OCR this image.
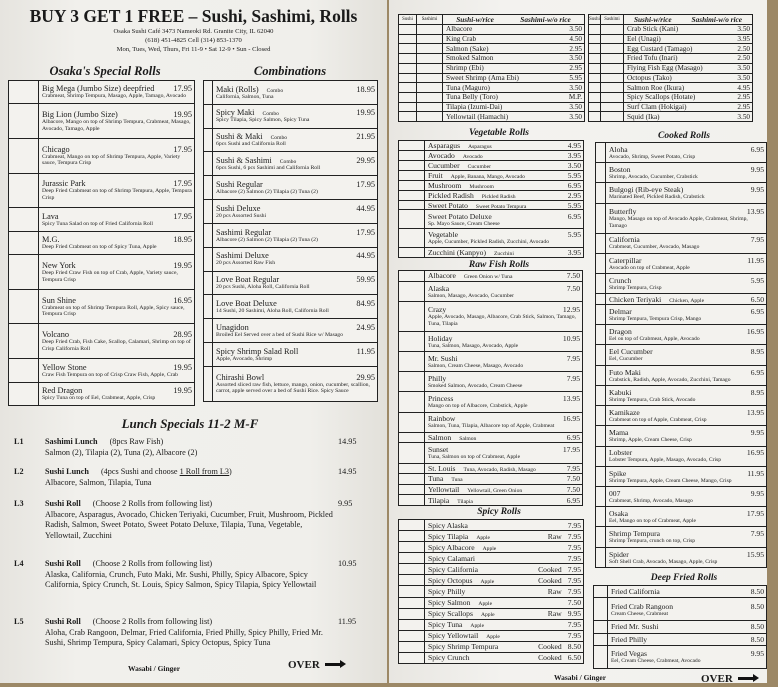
BUY 3 GET 1 FREE – Sushi, Sashimi, Rolls
Osaka Sushi Café 3473 Nameoki Rd. Granite City, IL 62040
(618) 451-4825 Cell (314) 853-1370
Mon, Tues, Wed, Thurs, Fri 11-9 • Sat 12-9 • Sun - Closed
Osaka's Special Rolls
Big Mega (Jumbo Size) deepfried 17.95
Crabmeat, Shrimp Tempura, Masago, Apple, Tamago, Avocado
Big Lion (Jumbo Size)	19.95
Albacore, Mango on top of Shrimp Tempura, Crabmeat, Masago, Avocado, Tamago, Apple
Chicago	17.95
Crabmeat, Mango on top of Shrimp Tempura, Apple, Variety sauce, Tempura Crisp
Jurassic Park	17.95
Deep Fried Crabmeat on top of Shrimp Tempura, Apple, Tempura Crisp
Lava	17.95
Spicy Tuna Salad on top of Fried California Roll
M.G.	18.95
Deep Fried Crabmeat on top of Spicy Tuna, Apple
New York	19.95
Deep Fried Craw Fish on top of Crab, Apple, Variety sauce, Tempura Crisp
Sun Shine	16.95
Crabmeat on top of Shrimp Tempura Roll, Apple, Spicy sauce, Tempura Crisp
Volcano	28.95
Deep Fried Crab, Fish Cake, Scallop, Calamari, Shrimp on top of Crisp California Roll
Yellow Stone	19.95
Craw Fish Tempura on top of Crisp Craw Fish, Apple, Crab
Red Dragon	19.95
Spicy Tuna on top of Eel, Crabmeat, Apple, Crisp
Combinations
Maki (Rolls)	Combo	18.95
California, Salmon, Tuna
Spicy Maki	Combo	19.95
Spicy Tilapia, Spicy Salmon, Spicy Tuna
Sushi & Maki	Combo	21.95
6pcs Sushi and California Roll
Sushi & Sashimi	Combo	29.95
6pcs Sushi, 6 pcs Sashimi and California Roll
Sushi Regular	17.95
Albacore (2) Salmon (2) Tilapia (2) Tuna (2)
Sushi Deluxe	44.95
20 pcs Assorted Sushi
Sashimi Regular	17.95
Albacore (2) Salmon (2) Tilapia (2) Tuna (2)
Sashimi Deluxe	44.95
20 pcs Assorted Raw Fish
Love Boat Regular	59.95
20 pcs Sushi, Aloha Roll, California Roll
Love Boat Deluxe	84.95
14 Sushi, 20 Sashimi, Aloha Roll, California Roll
Unagidon	24.95
Broiled Eel Served over a bed of Sushi Rice w/ Masago
Spicy Shrimp Salad Roll	11.95
Apple, Avocado, Shrimp
Chirashi Bowl	29.95
Assorted sliced raw fish, lettuce, mango, onion, cucumber, scallion, carrot, apple served over a bed of Sushi Rice. Spicy Sauce
Lunch Specials 11-2 M-F
L1	Sashimi Lunch (8pcs Raw Fish)	14.95
Salmon (2), Tilapia (2), Tuna (2), Albacore (2)
L2	Sushi Lunch (4pcs Sushi and choose 1 Roll from L3)	14.95
Albacore, Salmon, Tilapia, Tuna
L3	Sushi Roll (Choose 2 Rolls from following list)	9.95
Albacore, Asparagus, Avocado, Chicken Teriyaki, Cucumber, Fruit, Mushroom, Pickled Radish, Salmon, Sweet Potato, Sweet Potato Deluxe, Tilapia, Tuna, Vegetable, Yellowtail, Zucchini
L4	Sushi Roll (Choose 2 Rolls from following list)	10.95
Alaska, California, Crunch, Futo Maki, Mr. Sushi, Philly, Spicy Albacore, Spicy California, Spicy Crunch, St. Louis, Spicy Salmon, Spicy Tilapia, Spicy Yellowtail
L5	Sushi Roll (Choose 2 Rolls from following list)	11.95
Aloha, Crab Rangoon, Delmar, Fried California, Fried Philly, Spicy Philly, Fried Mr. Sushi, Shrimp Tempura, Spicy Calamari, Spicy Octopus, Spicy Tuna
Wasabi / Ginger	OVER
Sushi	Sashimi	Sushi-w/rice	Sashimi-w/o rice
Albacore	3.50
King Crab	4.50
Salmon (Sake)	2.95
Smoked Salmon	3.50
Shrimp (Ebi)	2.95
Sweet Shrimp (Ama Ebi)	5.95
Tuna (Maguro)	3.50
Tuna Belly (Toro)	M.P.
Tilapia (Izumi-Dai)	3.50
Yellowtail (Hamachi)	3.50
Sushi Sashimi	Sushi-w/rice	Sashimi-w/o rice
Crab Stick (Kani)	3.50
Eel (Unagi)	3.95
Egg Custard (Tamago)	2.50
Fried Tofu (Inari)	2.50
Flying Fish Egg (Masago)	3.50
Octopus (Tako)	3.50
Salmon Roe (Ikura)	4.95
Spicy Scallops (Hotate)	2.95
Surf Clam (Hokigai)	2.95
Squid (Ika)	3.50
Vegetable Rolls
Asparagus	Asparagus	4.95
Avocado	Avocado	3.95
Cucumber	Cucumber	3.50
Fruit	Apple, Banana, Mango, Avocado	5.95
Mushroom	Mushroom	6.95
Pickled Radish	Pickled Radish	2.95
Sweet Potato	Sweet Potato Tempura	5.95
Sweet Potato Deluxe	6.95
Sp. Mayo Sauce, Cream Cheese
Vegetable	5.95
Apple, Cucumber, Pickled Radish, Zucchini, Avocado
Zucchini (Kanpyo)	Zucchini	3.95
Raw Fish Rolls
Albacore	Green Onion w/ Tuna	7.50
Alaska	7.50
Salmon, Masago, Avocado, Cucumber
Crazy	12.95
Apple, Avocado, Masago, Albacore, Crab Stick, Salmon, Tamago, Tuna, Tilapia
Holiday	10.95
Tuna, Salmon, Masago, Avocado, Apple
Mr. Sushi	7.95
Salmon, Cream Cheese, Masago, Avocado
Philly	7.95
Smoked Salmon, Avocado, Cream Cheese
Princess	13.95
Mango on top of Albacore, Crabstick, Apple
Rainbow	16.95
Salmon, Tuna, Tilapia, Albacore top of Apple, Crabmeat
Salmon	Salmon	6.95
Sunset	17.95
Tuna, Salmon on top of Crabmeat, Apple
St. Louis	Tuna, Avocado, Radish, Masago	7.95
Tuna	Tuna	7.50
Yellowtail	Yellowtail, Green Onion	7.50
Tilapia	Tilapia	6.95
Spicy Rolls
Spicy Alaska	7.95
Spicy Tilapia	Apple	Raw 7.95
Spicy Albacore	Apple	7.95
Spicy Calamari	7.95
Spicy California	Cooked 7.95
Spicy Octopus	Apple	Cooked 7.95
Spicy Philly	Raw 7.95
Spicy Salmon	Apple	7.50
Spicy Scallops	Apple	Raw 9.95
Spicy Tuna	Apple	7.95
Spicy Yellowtail	Apple	7.95
Spicy Shrimp Tempura	Cooked 8.50
Spicy Crunch	Cooked 6.50
Cooked Rolls
Aloha	6.95
Avocado, Shrimp, Sweet Potato, Crisp
Boston	9.95
Shrimp, Avocado, Cucumber, Crabstick
Bulgogi (Rib-eye Steak)	9.95
Marinated Beef, Pickled Radish, Crabstick
Butterfly	13.95
Mango, Masago on top of Avocado Apple, Crabmeat, Shrimp, Tamago
California	7.95
Crabmeat, Cucumber, Avocado, Masago
Caterpillar	11.95
Avocado on top of Crabmeat, Apple
Crunch	5.95
Shrimp Tempura, Crisp
Chicken Teriyaki	Chicken, Apple	6.50
Delmar	6.95
Shrimp Tempura, Tempura Crisp, Mango
Dragon	16.95
Eel on top of Crabmeat, Apple, Avocado
Eel Cucumber	8.95
Eel, Cucumber
Futo Maki	6.95
Crabstick, Radish, Apple, Avocado, Zucchini, Tamago
Kabuki	8.95
Shrimp Tempura, Crab Stick, Avocado
Kamikaze	13.95
Crabmeat on top of Apple, Crabmeat, Crisp
Mama	9.95
Shrimp, Apple, Cream Cheese, Crisp
Lobster	16.95
Lobster Tempura, Apple, Masago, Avocado, Crisp
Spike	11.95
Shrimp Tempura, Apple, Cream Cheese, Mango, Crisp
007	9.95
Crabmeat, Shrimp, Avocado, Masago
Osaka	17.95
Eel, Mango on top of Crabmeat, Apple
Shrimp Tempura	7.95
Shrimp Tempura, crunch on top, Crisp
Spider	15.95
Soft Shell Crab, Avocado, Masago, Apple, Crisp
Deep Fried Rolls
Fried California	8.50
Fried Crab Rangoon	8.50
Cream Cheese, Crabmeat
Fried Mr. Sushi	8.50
Fried Philly	8.50
Fried Vegas	9.95
Eel, Cream Cheese, Crabmeat, Avocado
Wasabi / Ginger	OVER
